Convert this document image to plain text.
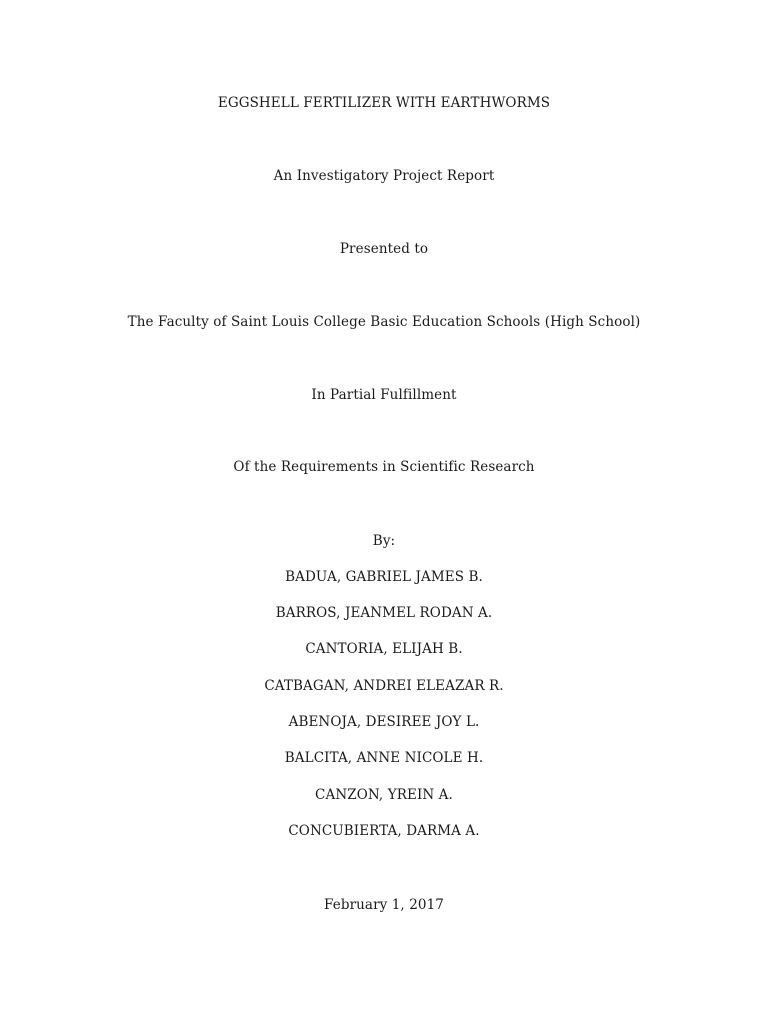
EGGSHELL FERTILIZER WITH EARTHWORMS
An Investigatory Project Report
Presented to
The Faculty of Saint Louis College Basic Education Schools (High School)
In Partial Fulfillment
Of the Requirements in Scientific Research
By:
BADUA, GABRIEL JAMES B.
BARROS, JEANMEL RODAN A.
CANTORIA, ELIJAH B.
CATBAGAN, ANDREI ELEAZAR R.
ABENOJA, DESIREE JOY L.
BALCITA, ANNE NICOLE H.
CANZON, YREIN A.
CONCUBIERTA, DARMA A.
February 1, 2017
